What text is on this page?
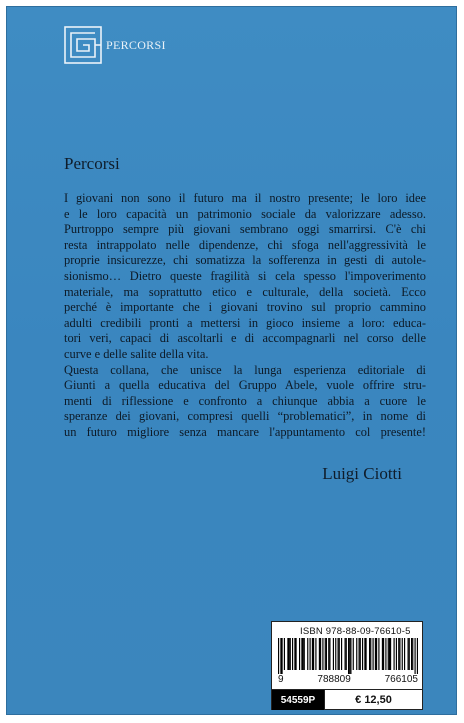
PERCORSI
Percorsi
I giovani non sono il futuro ma il nostro presente; le loro idee
e le loro capacità un patrimonio sociale da valorizzare adesso.
Purtroppo sempre più giovani sembrano oggi smarrirsi. C'è chi
resta intrappolato nelle dipendenze, chi sfoga nell'aggressività le
proprie insicurezze, chi somatizza la sofferenza in gesti di autole-
sionismo… Dietro queste fragilità si cela spesso l'impoverimento
materiale, ma soprattutto etico e culturale, della società. Ecco
perché è importante che i giovani trovino sul proprio cammino
adulti credibili pronti a mettersi in gioco insieme a loro: educa-
tori veri, capaci di ascoltarli e di accompagnarli nel corso delle
curve e delle salite della vita.
Questa collana, che unisce la lunga esperienza editoriale di
Giunti a quella educativa del Gruppo Abele, vuole offrire stru-
menti di riflessione e confronto a chiunque abbia a cuore le
speranze dei giovani, compresi quelli “problematici”, in nome di
un futuro migliore senza mancare l'appuntamento col presente!
Luigi Ciotti
ISBN 978-88-09-76610-5
9	788809	766105
54559P	€ 12,50
